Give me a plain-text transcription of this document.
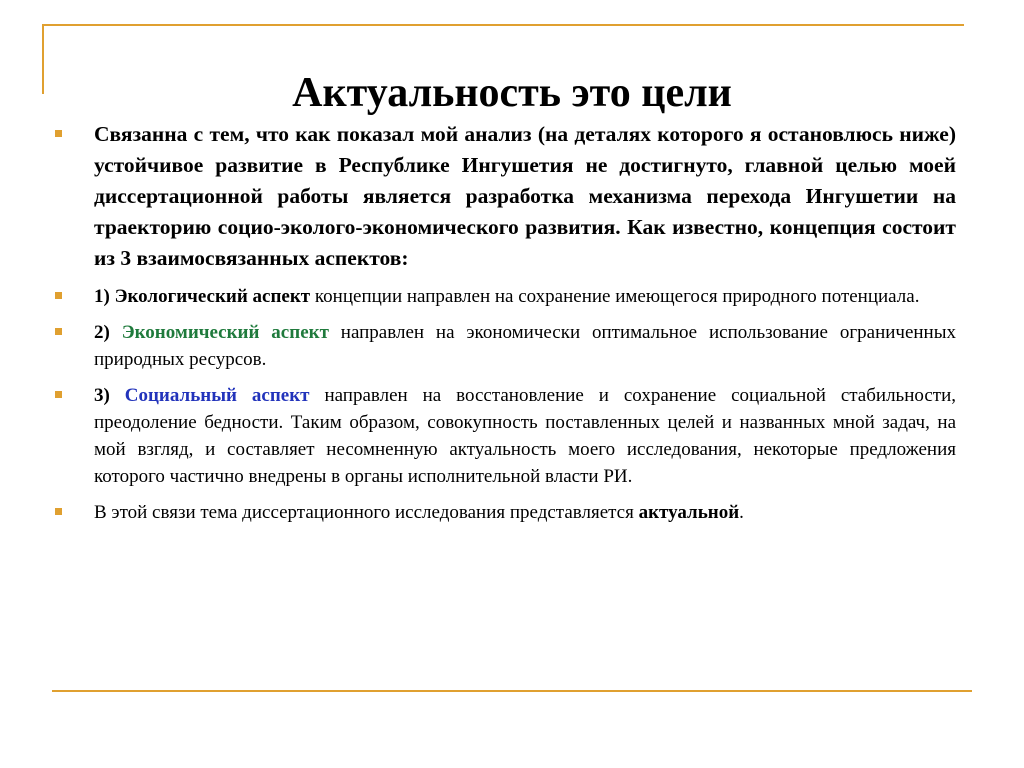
Актуальность это цели
Связанна с тем, что как показал мой анализ (на деталях которого я остановлюсь ниже) устойчивое развитие в Республике Ингушетия не достигнуто, главной целью моей диссертационной работы является разработка механизма перехода Ингушетии на траекторию социо-эколого-экономического развития. Как известно, концепция состоит из 3 взаимосвязанных аспектов:
1) Экологический аспект концепции направлен на сохранение имеющегося природного потенциала.
2) Экономический аспект направлен на экономически оптимальное использование ограниченных природных ресурсов.
3) Социальный аспект направлен на восстановление и сохранение социальной стабильности, преодоление бедности. Таким образом, совокупность поставленных целей и названных мной задач, на мой взгляд, и составляет несомненную актуальность моего исследования, некоторые предложения которого частично внедрены в органы исполнительной власти РИ.
В этой связи тема диссертационного исследования представляется актуальной.
